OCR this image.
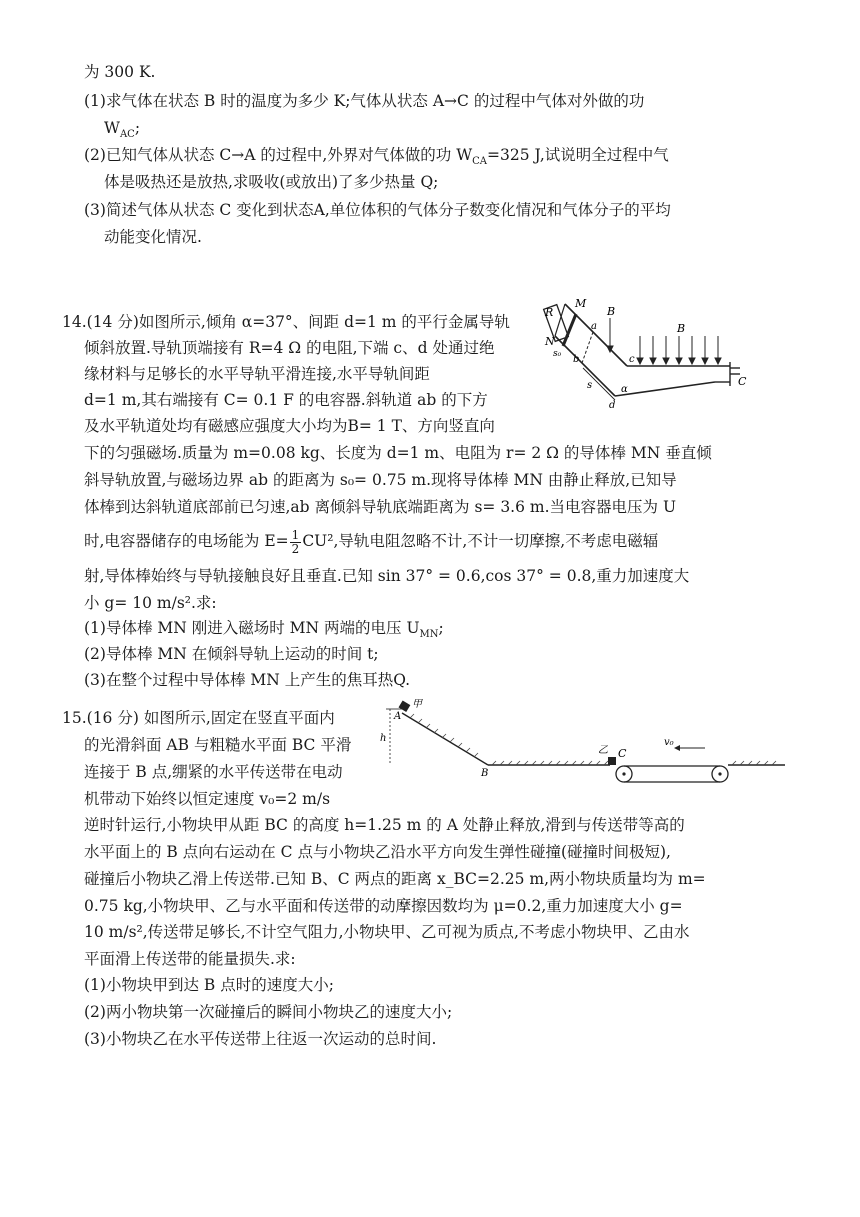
为 300 K.
(1)求气体在状态 B 时的温度为多少 K;气体从状态 A→C 的过程中气体对外做的功
$W_{AC}$;
(2)已知气体从状态 C→A 的过程中,外界对气体做的功 $W_{CA}=325$ J,试说明全过程中气
体是吸热还是放热,求吸收(或放出)了多少热量 Q;
(3)简述气体从状态 C 变化到状态A,单位体积的气体分子数变化情况和气体分子的平均
动能变化情况.
14.(14 分)如图所示,倾角 α=37°、间距 d=1 m 的平行金属导轨
倾斜放置.导轨顶端接有 R=4 Ω 的电阻,下端 c、d 处通过绝
缘材料与足够长的水平导轨平滑连接,水平导轨间距
d=1 m,其右端接有 C= 0.1 F 的电容器.斜轨道 ab 的下方
及水平轨道处均有磁感应强度大小均为B= 1 T、方向竖直向
下的匀强磁场.质量为 m=0.08 kg、长度为 d=1 m、电阻为 r= 2 Ω 的导体棒 MN 垂直倾
斜导轨放置,与磁场边界 ab 的距离为 s₀= 0.75 m.现将导体棒 MN 由静止释放,已知导
体棒到达斜轨道底部前已匀速,ab 离倾斜导轨底端距离为 s= 3.6 m.当电容器电压为 U
时,电容器储存的电场能为 $E= \frac{1}{2} CU^2$,导轨电阻忽略不计,不计一切摩擦,不考虑电磁辐
射,导体棒始终与导轨接触良好且垂直.已知 sin 37° = 0.6,cos 37° = 0.8,重力加速度大
小 g= 10 m/s².求:
(1)导体棒 MN 刚进入磁场时 MN 两端的电压 $U_{MN}$;
(2)导体棒 MN 在倾斜导轨上运动的时间 t;
(3)在整个过程中导体棒 MN 上产生的焦耳热Q.
R
M
N
a
b
B
B
c
d
s₀
s	α
C
15.(16 分) 如图所示,固定在竖直平面内
的光滑斜面 AB 与粗糙水平面 BC 平滑
连接于 B 点,绷紧的水平传送带在电动
机带动下始终以恒定速度 v₀=2 m/s
逆时针运行,小物块甲从距 BC 的高度 h=1.25 m 的 A 处静止释放,滑到与传送带等高的
水平面上的 B 点向右运动在 C 点与小物块乙沿水平方向发生弹性碰撞(碰撞时间极短),
碰撞后小物块乙滑上传送带.已知 B、C 两点的距离 x_BC=2.25 m,两小物块质量均为 m=
0.75 kg,小物块甲、乙与水平面和传送带的动摩擦因数均为 μ=0.2,重力加速度大小 g=
10 m/s²,传送带足够长,不计空气阻力,小物块甲、乙可视为质点,不考虑小物块甲、乙由水
平面滑上传送带的能量损失.求:
(1)小物块甲到达 B 点时的速度大小;
(2)两小物块第一次碰撞后的瞬间小物块乙的速度大小;
(3)小物块乙在水平传送带上往返一次运动的总时间.
A
甲
h
B
乙 C
v₀
